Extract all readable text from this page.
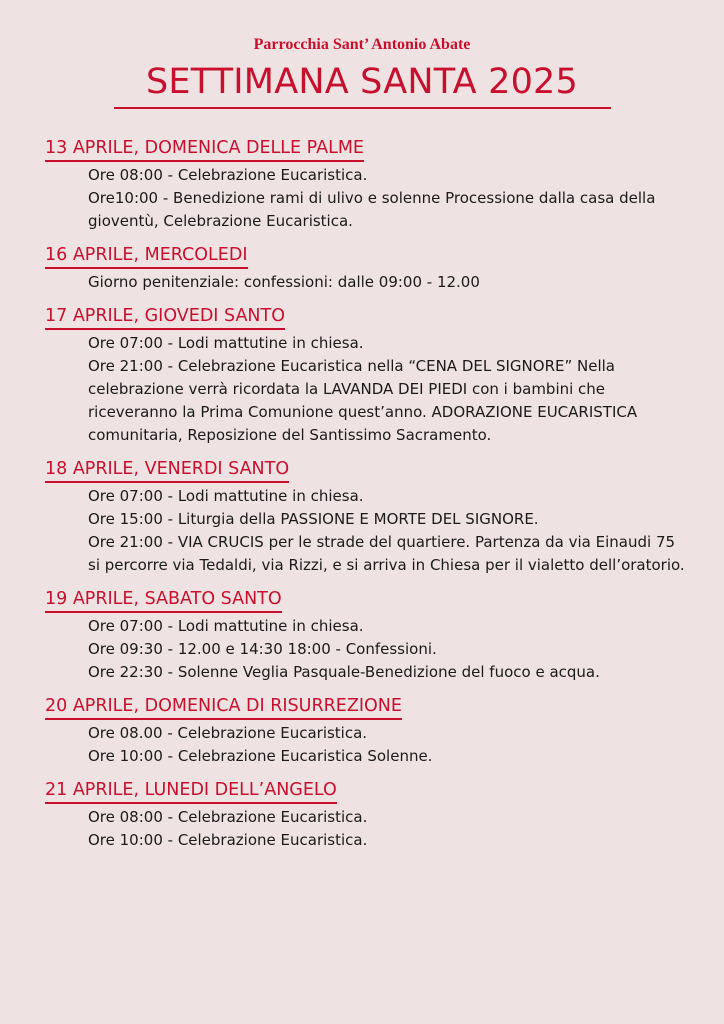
Parrocchia Sant’ Antonio Abate
SETTIMANA SANTA 2025
13 APRILE, DOMENICA DELLE PALME
Ore 08:00 - Celebrazione Eucaristica.
Ore10:00 - Benedizione rami di ulivo e solenne Processione dalla casa della gioventù, Celebrazione Eucaristica.
16 APRILE, MERCOLEDI
Giorno penitenziale: confessioni: dalle 09:00 - 12.00
17 APRILE, GIOVEDI SANTO
Ore 07:00 - Lodi mattutine in chiesa.
Ore 21:00 - Celebrazione Eucaristica nella “CENA DEL SIGNORE” Nella celebrazione verrà ricordata la LAVANDA DEI PIEDI con i bambini che riceveranno la Prima Comunione quest’anno. ADORAZIONE EUCARISTICA comunitaria, Reposizione del Santissimo Sacramento.
18 APRILE, VENERDI SANTO
Ore 07:00 - Lodi mattutine in chiesa.
Ore 15:00 - Liturgia della PASSIONE E MORTE DEL SIGNORE.
Ore 21:00 - VIA CRUCIS per le strade del quartiere. Partenza da via Einaudi 75 si percorre via Tedaldi, via Rizzi, e si arriva in Chiesa per il vialetto dell’oratorio.
19 APRILE, SABATO SANTO
Ore 07:00 - Lodi mattutine in chiesa.
Ore 09:30 - 12.00 e 14:30 18:00 - Confessioni.
Ore 22:30 - Solenne Veglia Pasquale-Benedizione del fuoco e acqua.
20 APRILE, DOMENICA DI RISURREZIONE
Ore 08.00 - Celebrazione Eucaristica.
Ore 10:00 - Celebrazione Eucaristica Solenne.
21 APRILE, LUNEDI DELL’ANGELO
Ore 08:00 - Celebrazione Eucaristica.
Ore 10:00 - Celebrazione Eucaristica.
